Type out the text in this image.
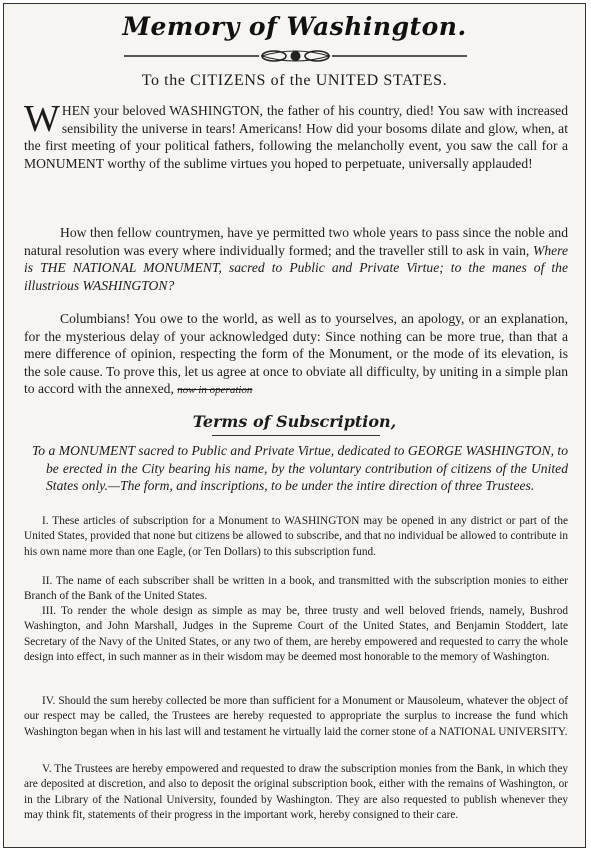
Memory of Washington.
To the CITIZENS of the UNITED STATES.
W HEN your beloved WASHINGTON, the father of his country, died! You saw with increased sensibility the universe in tears! Americans! How did your bosoms dilate and glow, when, at the first meeting of your political fathers, following the melancholly event, you saw the call for a MONUMENT worthy of the sublime virtues you hoped to perpetuate, universally applauded!
How then fellow countrymen, have ye permitted two whole years to pass since the noble and natural resolution was every where individually formed; and the traveller still to ask in vain, Where is THE NATIONAL MONUMENT, sacred to Public and Private Virtue; to the manes of the illustrious WASHINGTON?
Columbians! You owe to the world, as well as to yourselves, an apology, or an explanation, for the mysterious delay of your acknowledged duty: Since nothing can be more true, than that a mere difference of opinion, respecting the form of the Monument, or the mode of its elevation, is the sole cause. To prove this, let us agree at once to obviate all difficulty, by uniting in a simple plan to accord with the annexed, now in operation
Terms of Subscription,
To a MONUMENT sacred to Public and Private Virtue, dedicated to GEORGE WASHINGTON, to be erected in the City bearing his name, by the voluntary contribution of citizens of the United States only.—The form, and inscriptions, to be under the intire direction of three Trustees.
I. These articles of subscription for a Monument to WASHINGTON may be opened in any district or part of the United States, provided that none but citizens be allowed to subscribe, and that no individual be allowed to contribute in his own name more than one Eagle, (or Ten Dollars) to this subscription fund.
II. The name of each subscriber shall be written in a book, and transmitted with the subscription monies to either Branch of the Bank of the United States.
III. To render the whole design as simple as may be, three trusty and well beloved friends, namely, Bushrod Washington, and John Marshall, Judges in the Supreme Court of the United States, and Benjamin Stoddert, late Secretary of the Navy of the United States, or any two of them, are hereby empowered and requested to carry the whole design into effect, in such manner as in their wisdom may be deemed most honorable to the memory of Washington.
IV. Should the sum hereby collected be more than sufficient for a Monument or Mausoleum, whatever the object of our respect may be called, the Trustees are hereby requested to appropriate the surplus to increase the fund which Washington began when in his last will and testament he virtually laid the corner stone of a NATIONAL UNIVERSITY.
V. The Trustees are hereby empowered and requested to draw the subscription monies from the Bank, in which they are deposited at discretion, and also to deposit the original subscription book, either with the remains of Washington, or in the Library of the National University, founded by Washington. They are also requested to publish whenever they may think fit, statements of their progress in the important work, hereby consigned to their care.
